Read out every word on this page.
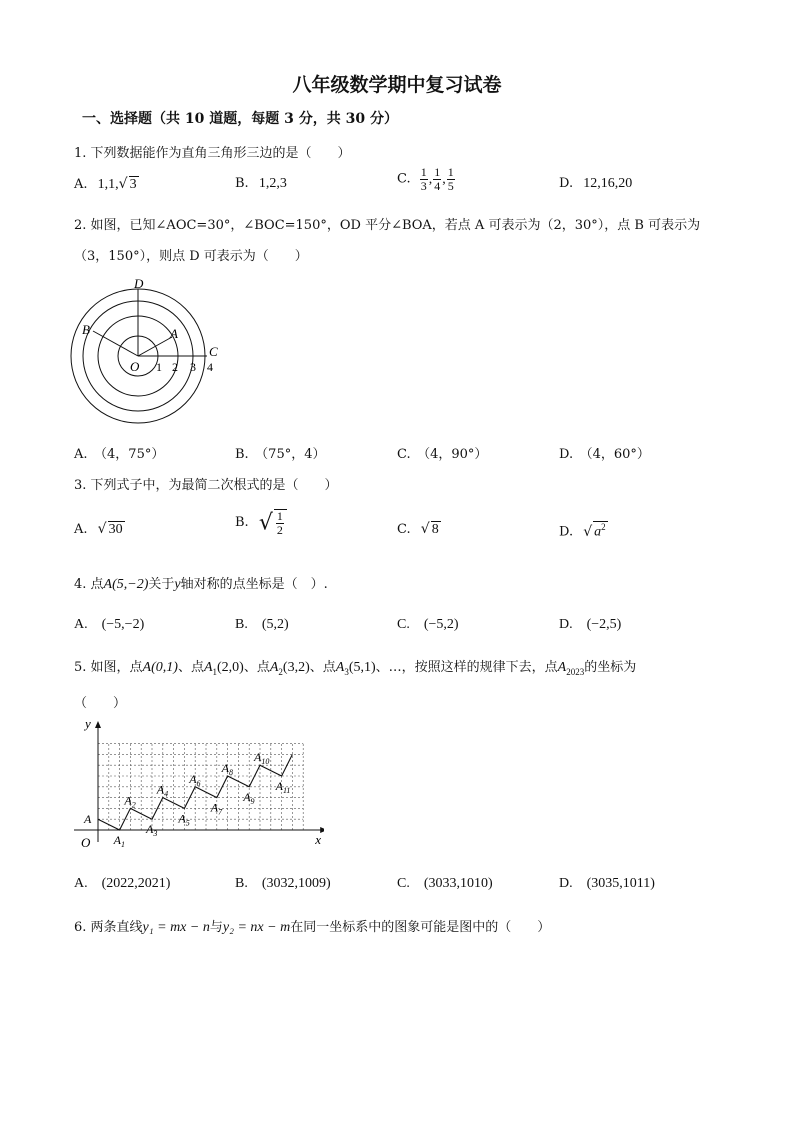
八年级数学期中复习试卷
一、选择题（共 10 道题，每题 3 分，共 30 分）
1. 下列数据能作为直角三角形三边的是（　　）
A. 1,1,√ 3	B. 1,2,3	C. $\frac{1}{3}$ , $\frac{1}{4}$ , $\frac{1}{5}$	D. 12,16,20
2. 如图，已知∠AOC=30°，∠BOC=150°，OD 平分∠BOA，若点 A 可表示为（2，30°），点 B 可表示为
（3，150°），则点 D 可表示为（　　）
D
B	A
C
O 1 2 3 4
A.　（4，75°）	B.　（75°，4）	C.　（4，90°）	D.　（4，60°）
3. 下列式子中，为最简二次根式的是（　　）
A. √ 30	B. √ $\frac{1}{2}$	C. √ 8	D. √ $a^2$
4. 点A(5,−2)关于y轴对称的点坐标是（　）.
A.　(−5,−2)	B.　(5,2)	C.　(−5,2)	D.　(−2,5)
5. 如图，点A(0,1)、点$A_1(2,0)$、点$A_2(3,2)$、点$A_3(5,1)$、…，按照这样的规律下去，点$A_{2023}$的坐标为
（　　）
x
y
O
A
$A_1$
$A_2$
$A_3$
$A_4$
$A_5$
$A_6$
$A_7$
$A_8$
$A_9$
$A_{10}$
$A_{11}$
A.　(2022,2021)	B.　(3032,1009)	C.　(3033,1010)	D.　(3035,1011)
6. 两条直线y₁ = mx − n与y₂ = nx − m在同一坐标系中的图象可能是图中的（　　）
